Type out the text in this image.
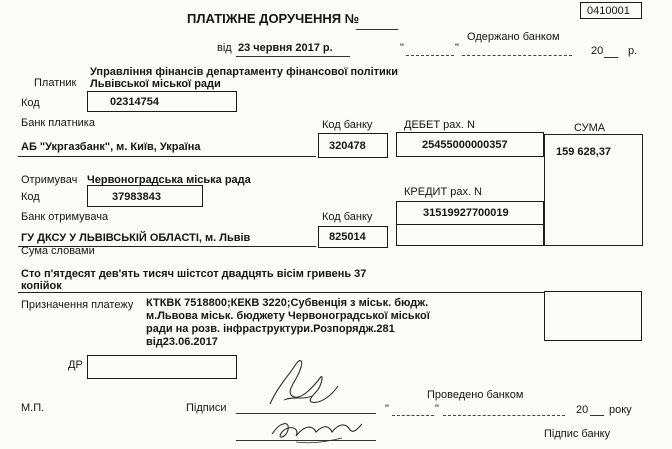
0410001
ПЛАТІЖНЕ ДОРУЧЕННЯ №
від 23 червня 2017 р.
Одержано банком
"	"	20 р.
Платник
Управління фінансів департаменту фінансової політики
Львівської міської ради
Код	02314754
Банк платника	Код банку	ДЕБЕТ рах. N	СУМА
АБ "Укргазбанк", м. Київ, Україна	320478	25455000000357
159 628,37
Отримувач Червоноградська міська рада
Код	37983843	КРЕДИТ рах. N
31519927700019
Банк отримувача	Код банку
ГУ ДКСУ У ЛЬВІВСЬКІЙ ОБЛАСТІ, м. Львів	825014
Сума словами
Сто п'ятдесят дев'ять тисяч шістсот двадцять вісім гривень 37
копійок
Призначення платежу КТКВК 7518800;КЕКВ 3220;Субвенція з міськ. бюдж.
м.Львова міськ. бюджету Червоноградської міської
ради на розв. інфраструктури.Розпорядж.281
від23.06.2017
ДР
М.П.	Підписи
Проведено банком
"	"	20 року
Підпис банку
